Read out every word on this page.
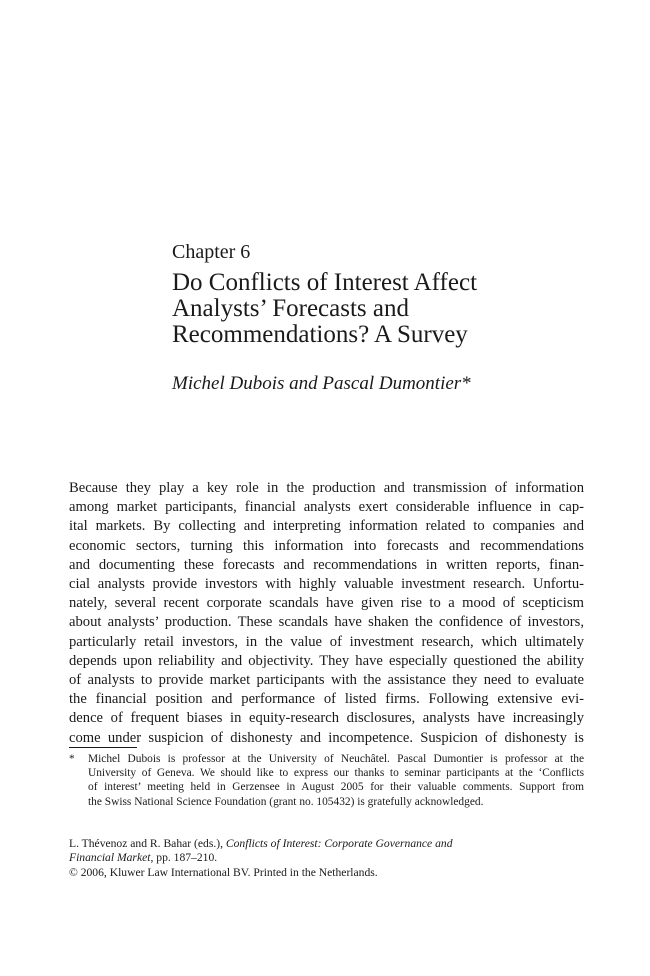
Chapter 6
Do Conflicts of Interest Affect
Analysts’ Forecasts and
Recommendations? A Survey

Michel Dubois and Pascal Dumontier*

Because they play a key role in the production and transmission of information
among market participants, financial analysts exert considerable influence in cap-
ital markets. By collecting and interpreting information related to companies and
economic sectors, turning this information into forecasts and recommendations
and documenting these forecasts and recommendations in written reports, finan-
cial analysts provide investors with highly valuable investment research. Unfortu-
nately, several recent corporate scandals have given rise to a mood of scepticism
about analysts’ production. These scandals have shaken the confidence of investors,
particularly retail investors, in the value of investment research, which ultimately
depends upon reliability and objectivity. They have especially questioned the ability
of analysts to provide market participants with the assistance they need to evaluate
the financial position and performance of listed firms. Following extensive evi-
dence of frequent biases in equity-research disclosures, analysts have increasingly
come under suspicion of dishonesty and incompetence. Suspicion of dishonesty is
* Michel Dubois is professor at the University of Neuchâtel. Pascal Dumontier is professor at the
University of Geneva. We should like to express our thanks to seminar participants at the ‘Conflicts
of interest’ meeting held in Gerzensee in August 2005 for their valuable comments. Support from
the Swiss National Science Foundation (grant no. 105432) is gratefully acknowledged.
L. Thévenoz and R. Bahar (eds.), Conflicts of Interest: Corporate Governance and
Financial Market, pp. 187–210.
© 2006, Kluwer Law International BV. Printed in the Netherlands.
